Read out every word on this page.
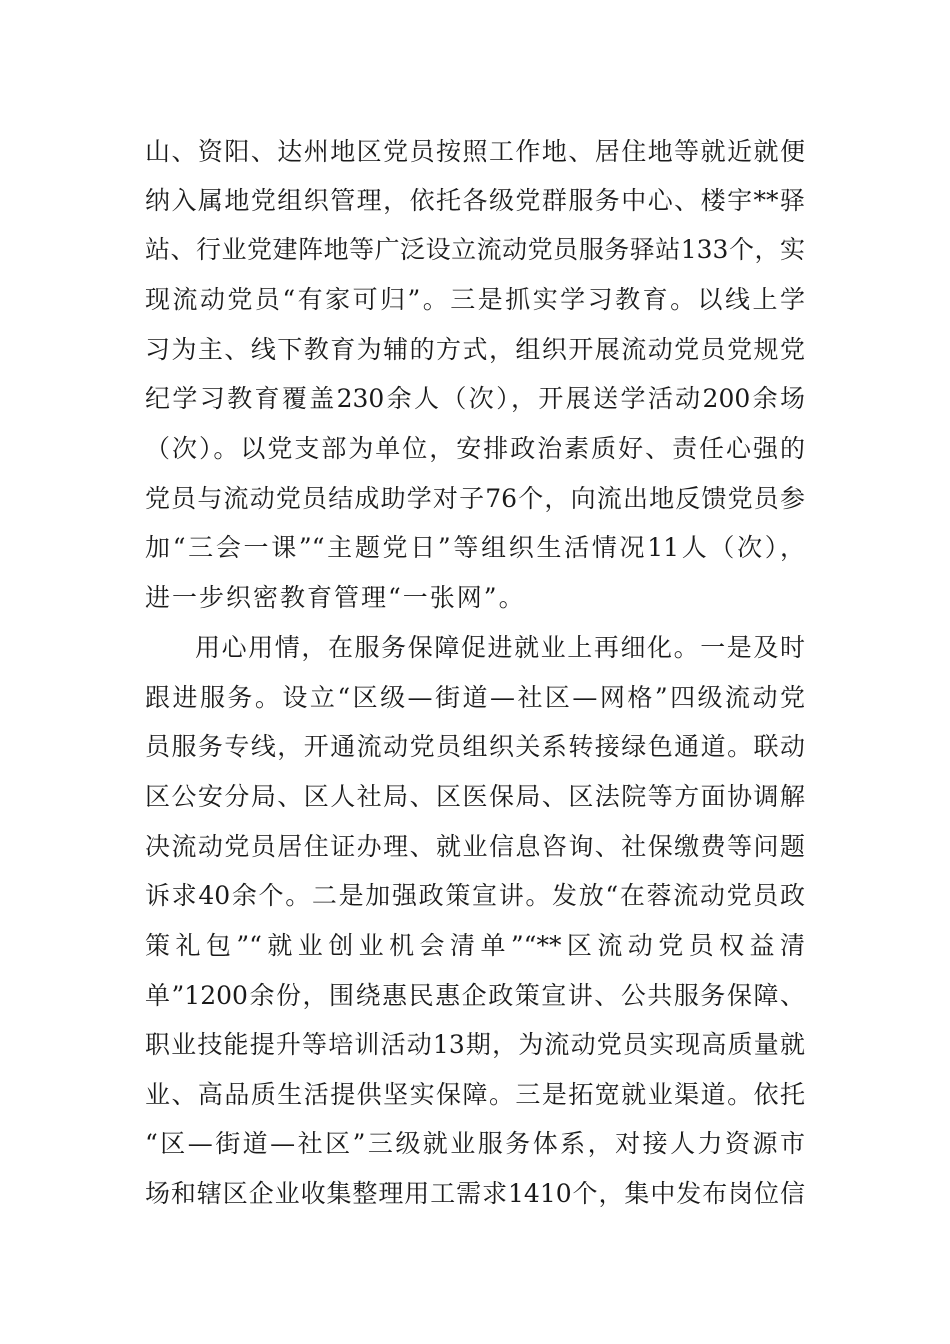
山、资阳、达州地区党员按照工作地、居住地等就近就便
纳入属地党组织管理，依托各级党群服务中心、楼宇**驿
站、行业党建阵地等广泛设立流动党员服务驿站133个，实
现流动党员“有家可归”。三是抓实学习教育。以线上学
习为主、线下教育为辅的方式，组织开展流动党员党规党
纪学习教育覆盖230余人（次），开展送学活动200余场
（次）。以党支部为单位，安排政治素质好、责任心强的
党员与流动党员结成助学对子76个，向流出地反馈党员参
加“三会一课”“主题党日”等组织生活情况11人（次），
进一步织密教育管理“一张网”。
用心用情，在服务保障促进就业上再细化。一是及时
跟进服务。设立“区级—街道—社区—网格”四级流动党
员服务专线，开通流动党员组织关系转接绿色通道。联动
区公安分局、区人社局、区医保局、区法院等方面协调解
决流动党员居住证办理、就业信息咨询、社保缴费等问题
诉求40余个。二是加强政策宣讲。发放“在蓉流动党员政
策礼包”“就业创业机会清单”“**区流动党员权益清
单”1200余份，围绕惠民惠企政策宣讲、公共服务保障、
职业技能提升等培训活动13期，为流动党员实现高质量就
业、高品质生活提供坚实保障。三是拓宽就业渠道。依托
“区—街道—社区”三级就业服务体系，对接人力资源市
场和辖区企业收集整理用工需求1410个，集中发布岗位信
